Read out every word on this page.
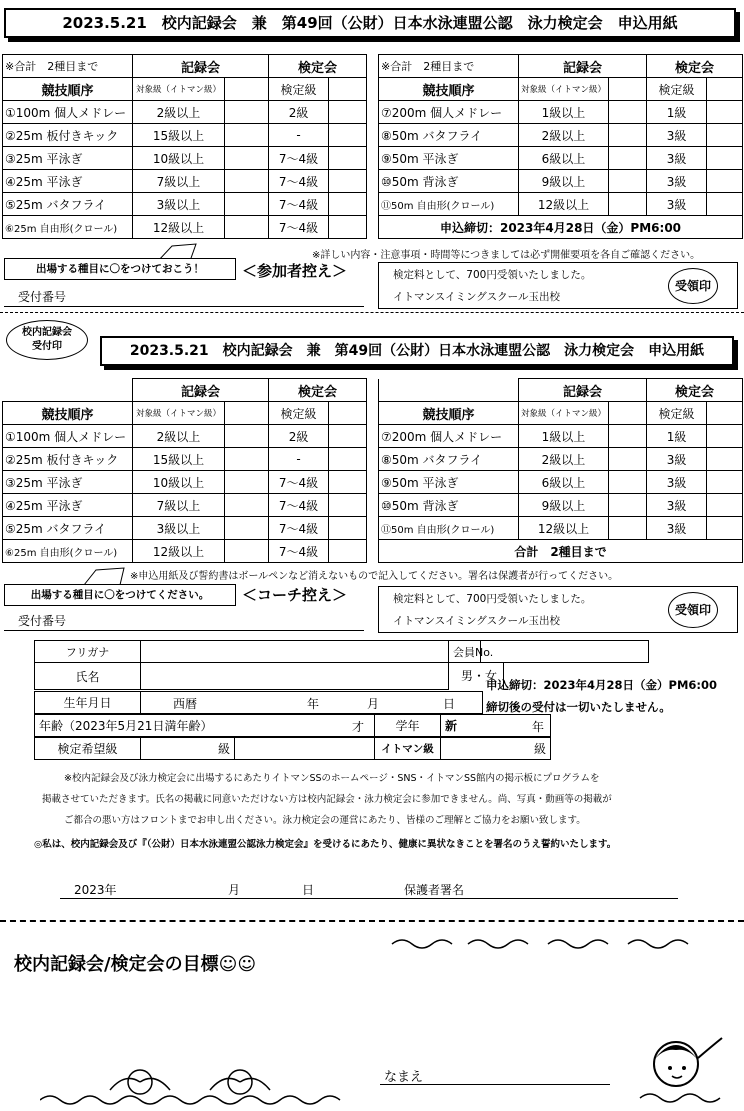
2023.5.21　校内記録会　兼　第49回（公財）日本水泳連盟公認　泳力検定会　申込用紙
※合計　2種目まで	記録会		検定会	
競技順序	対象級（イトマン級）		検定級	
①100m 個人メドレー	2級以上		2級	
②25m 板付きキック	15級以上		-	
③25m 平泳ぎ	10級以上		7～4級	
④25m 平泳ぎ	7級以上		7～4級	
⑤25m バタフライ	3級以上		7～4級	
⑥25m 自由形(クロール)	12級以上		7～4級	
※合計　2種目まで	記録会		検定会	
競技順序	対象級（イトマン級）		検定級	
⑦200m 個人メドレー	1級以上		1級	
⑧50m バタフライ	2級以上		3級	
⑨50m 平泳ぎ	6級以上		3級	
⑩50m 背泳ぎ	9級以上		3級	
⑪50m 自由形(クロール)	12級以上		3級	
申込締切：2023年4月28日（金）PM6:00				
※詳しい内容・注意事項・時間等につきましては必ず開催要項を各自ご確認ください。
出場する種目に〇をつけておこう！	＜参加者控え＞
受付番号
検定料として、700円受領いたしました。
イトマンスイミングスクール玉出校
受領印
校内記録会
受付印	2023.5.21　校内記録会　兼　第49回（公財）日本水泳連盟公認　泳力検定会　申込用紙
	記録会		検定会	
競技順序	対象級（イトマン級）		検定級	
①100m 個人メドレー	2級以上		2級	
②25m 板付きキック	15級以上		-	
③25m 平泳ぎ	10級以上		7～4級	
④25m 平泳ぎ	7級以上		7～4級	
⑤25m バタフライ	3級以上		7～4級	
⑥25m 自由形(クロール)	12級以上		7～4級	
	記録会		検定会	
競技順序	対象級（イトマン級）		検定級	
⑦200m 個人メドレー	1級以上		1級	
⑧50m バタフライ	2級以上		3級	
⑨50m 平泳ぎ	6級以上		3級	
⑩50m 背泳ぎ	9級以上		3級	
⑪50m 自由形(クロール)	12級以上		3級	
合計　2種目まで				
※申込用紙及び誓約書はボールペンなど消えないもので記入してください。署名は保護者が行ってください。
出場する種目に〇をつけてください。	＜コーチ控え＞
受付番号
検定料として、700円受領いたしました。
イトマンスイミングスクール玉出校
受領印
フリガナ		会員No.	
氏名		男・女	
申込締切：2023年4月28日（金）PM6:00
締切後の受付は一切いたしません。
生年月日	西暦	年	月	日
年齢（2023年5月21日満年齢）	才	学年	新	年
検定希望級	級		イトマン級	級
※校内記録会及び泳力検定会に出場するにあたりイトマンSSのホームページ・SNS・イトマンSS館内の掲示板にプログラムを
掲載させていただきます。氏名の掲載に同意いただけない方は校内記録会・泳力検定会に参加できません。尚、写真・動画等の掲載が
ご都合の悪い方はフロントまでお申し出ください。泳力検定会の運営にあたり、皆様のご理解とご協力をお願い致します。
◎私は、校内記録会及び『（公財）日本水泳連盟公認泳力検定会』を受けるにあたり、健康に異状なきことを署名のうえ誓約いたします。
2023年	月	日	保護者署名
校内記録会/検定会の目標☺☺
なまえ
